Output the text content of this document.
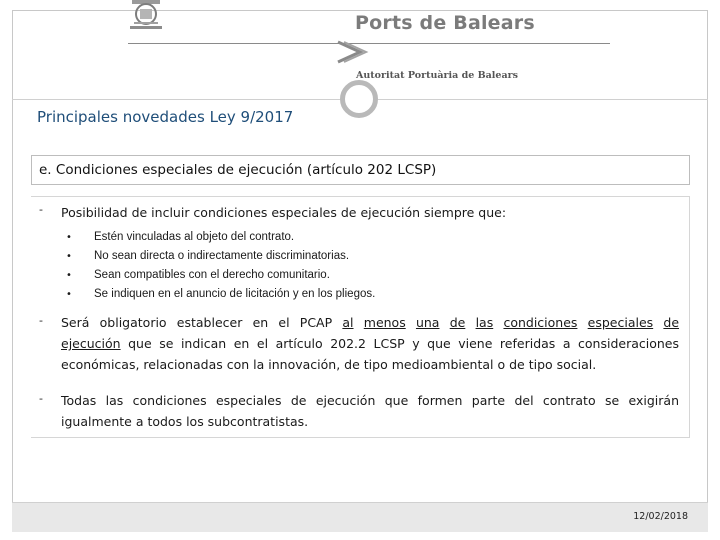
Ports de Balears
Autoritat Portuària de Balears
Principales novedades Ley 9/2017
e. Condiciones especiales de ejecución (artículo 202 LCSP)
- Posibilidad de incluir condiciones especiales de ejecución siempre que:
• Estén vinculadas al objeto del contrato.
• No sean directa o indirectamente discriminatorias.
• Sean compatibles con el derecho comunitario.
• Se indiquen en el anuncio de licitación y en los pliegos.
- Será obligatorio establecer en el PCAP al menos una de las condiciones especiales de
ejecución que se indican en el artículo 202.2 LCSP y que viene referidas a consideraciones
económicas, relacionadas con la innovación, de tipo medioambiental o de tipo social.
- Todas las condiciones especiales de ejecución que formen parte del contrato se exigirán
igualmente a todos los subcontratistas.
12/02/2018
